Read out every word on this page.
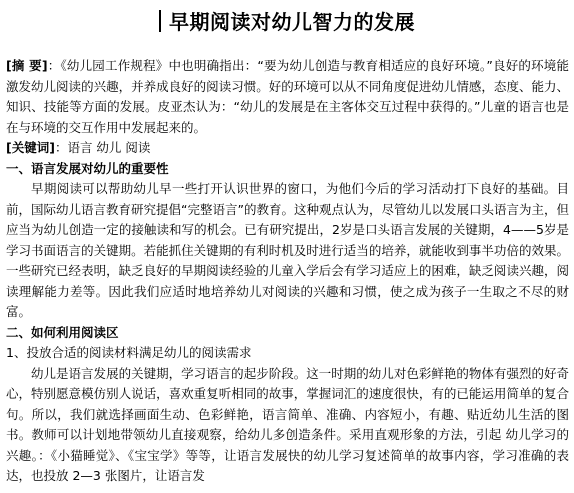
早期阅读对幼儿智力的发展

[摘 要]：《幼儿园工作规程》中也明确指出：“要为幼儿创造与教育相适应的良好环境。”良好的环境能激发幼儿阅读的兴趣，并养成良好的阅读习惯。好的环境可以从不同角度促进幼儿情感，态度、能力、知识、技能等方面的发展。皮亚杰认为：“幼儿的发展是在主客体交互过程中获得的。”儿童的语言也是在与环境的交互作用中发展起来的。

[关键词]：语言 幼儿 阅读

一、语言发展对幼儿的重要性

早期阅读可以帮助幼儿早一些打开认识世界的窗口，为他们今后的学习活动打下良好的基础。目前，国际幼儿语言教育研究提倡“完整语言”的教育。这种观点认为，尽管幼儿以发展口头语言为主，但应当为幼儿创造一定的接触读和写的机会。已有研究提出，2岁是口头语言发展的关键期，4——5岁是学习书面语言的关键期。若能抓住关键期的有利时机及时进行适当的培养，就能收到事半功倍的效果。一些研究已经表明，缺乏良好的早期阅读经验的儿童入学后会有学习适应上的困难，缺乏阅读兴趣，阅读理解能力差等。因此我们应适时地培养幼儿对阅读的兴趣和习惯，使之成为孩子一生取之不尽的财富。

二、如何利用阅读区

1、投放合适的阅读材料满足幼儿的阅读需求

幼儿是语言发展的关键期，学习语言的起步阶段。这一时期的幼儿对色彩鲜艳的物体有强烈的好奇心，特别愿意模仿别人说话，喜欢重复听相同的故事，掌握词汇的速度很快，有的已能运用简单的复合句。所以，我们就选择画面生动、色彩鲜艳，语言简单、准确、内容短小，有趣、贴近幼儿生活的图书。教师可以计划地带领幼儿直接观察，给幼儿多创造条件。采用直观形象的方法，引起 幼儿学习的兴趣。：《小猫睡觉》、《宝宝学》等等，让语言发展快的幼儿学习复述简单的故事内容，学习准确的表达，也投放 2—3 张图片，让语言发
